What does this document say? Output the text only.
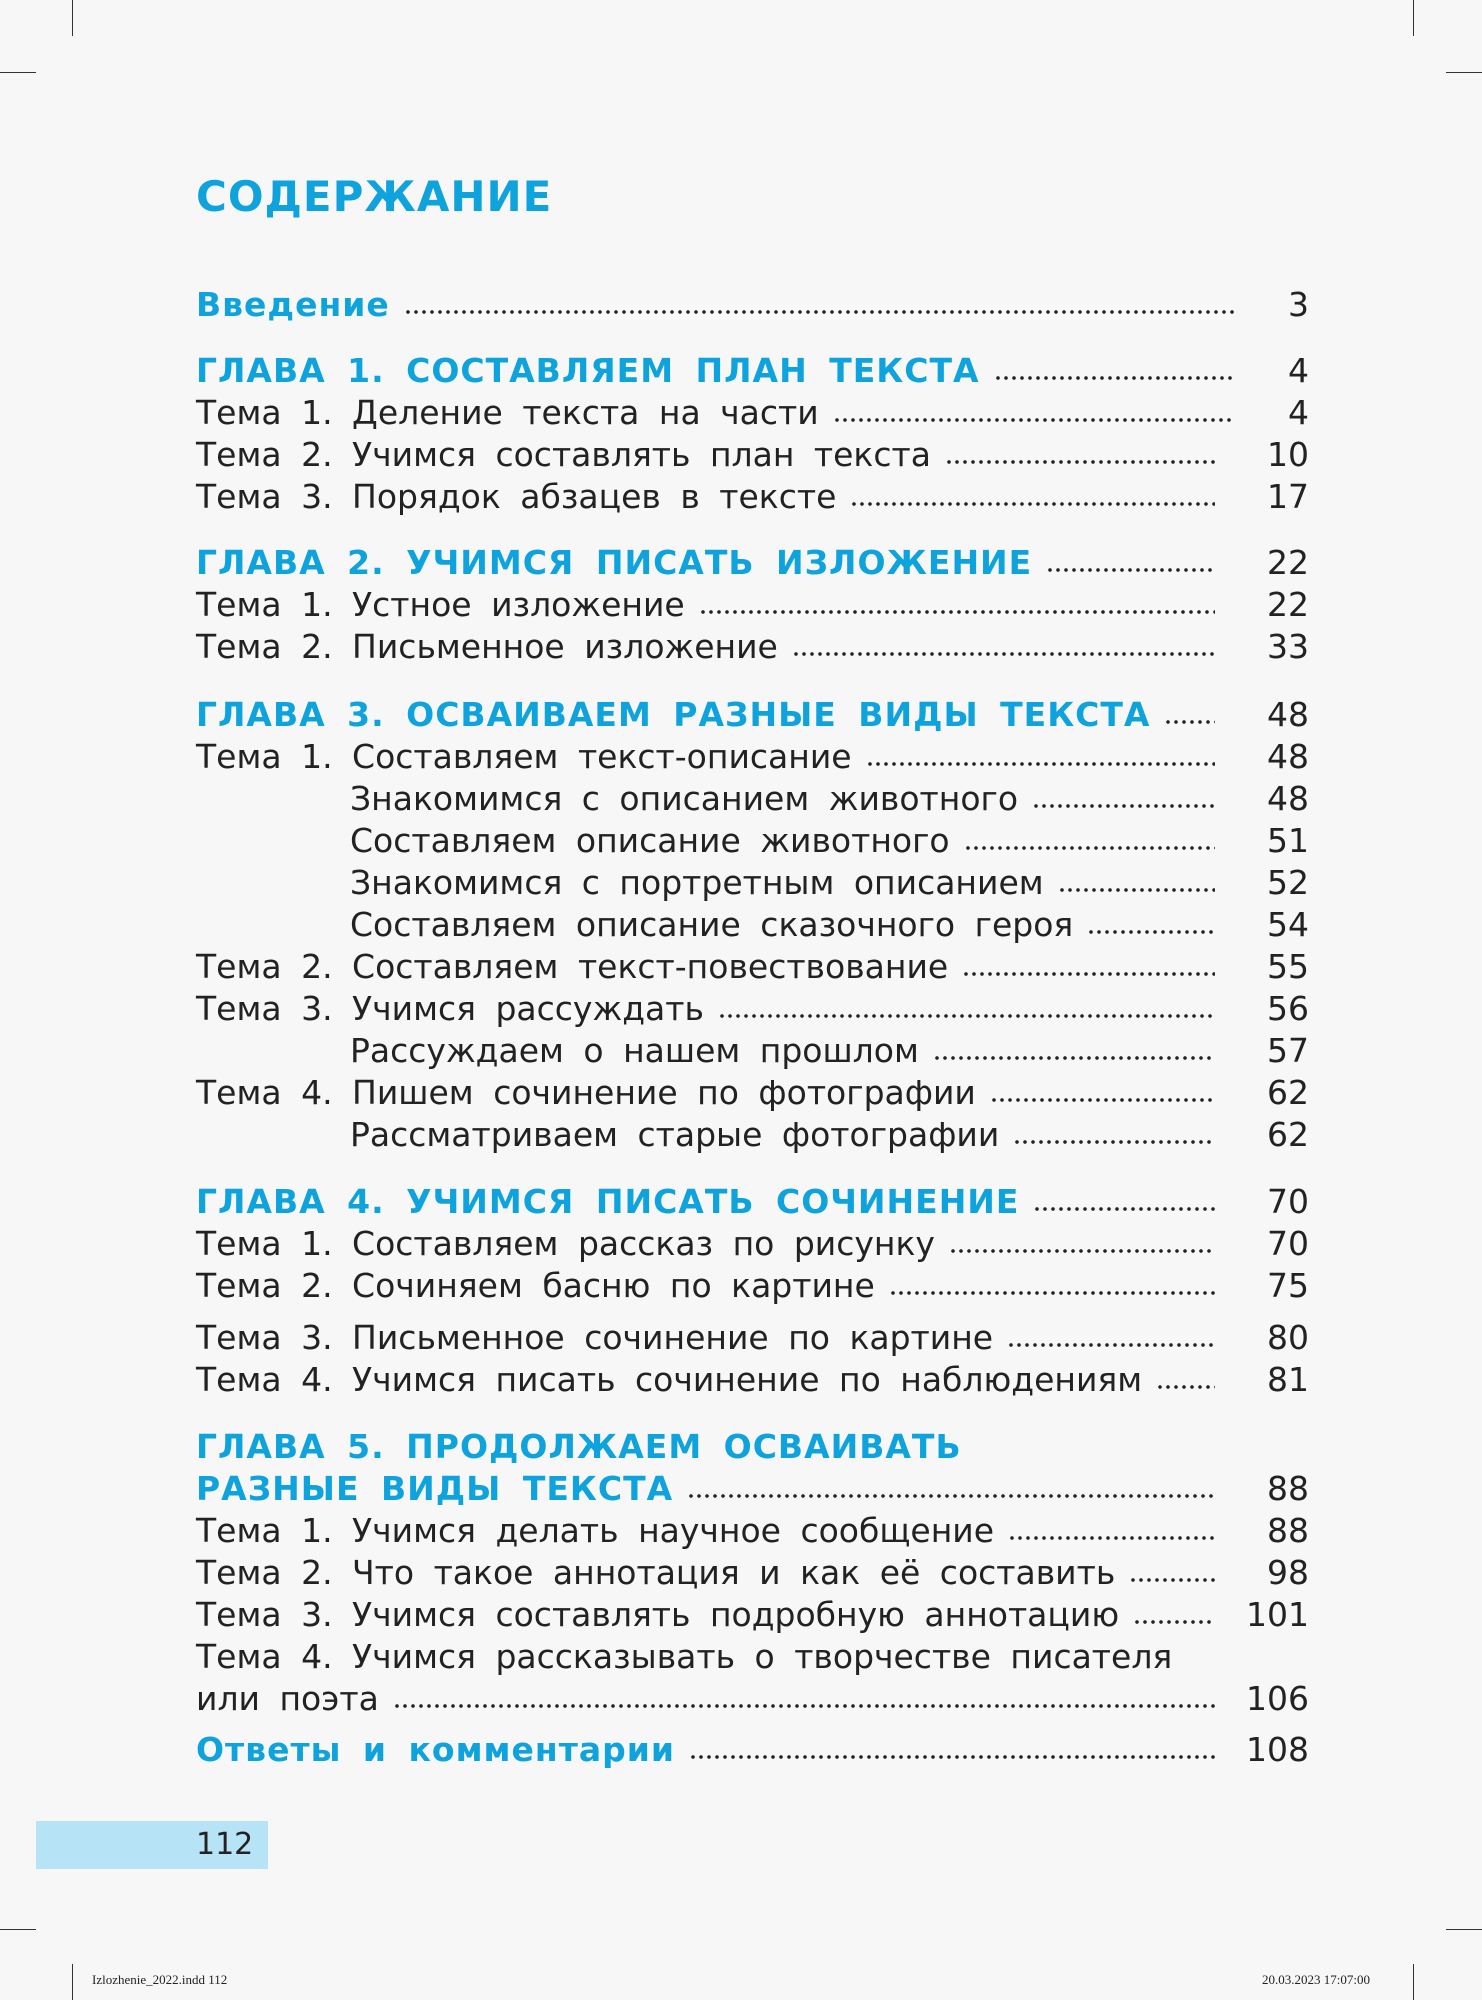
СОДЕРЖАНИЕ
Введение	3
ГЛАВА 1. СОСТАВЛЯЕМ ПЛАН ТЕКСТА	4
Тема 1. Деление текста на части	4
Тема 2. Учимся составлять план текста	10
Тема 3. Порядок абзацев в тексте	17
ГЛАВА 2. УЧИМСЯ ПИСАТЬ ИЗЛОЖЕНИЕ	22
Тема 1. Устное изложение	22
Тема 2. Письменное изложение	33
ГЛАВА 3. ОСВАИВАЕМ РАЗНЫЕ ВИДЫ ТЕКСТА	48
Тема 1. Составляем текст-описание	48
Знакомимся с описанием животного	48
Составляем описание животного	51
Знакомимся с портретным описанием	52
Составляем описание сказочного героя	54
Тема 2. Составляем текст-повествование	55
Тема 3. Учимся рассуждать	56
Рассуждаем о нашем прошлом	57
Тема 4. Пишем сочинение по фотографии	62
Рассматриваем старые фотографии	62
ГЛАВА 4. УЧИМСЯ ПИСАТЬ СОЧИНЕНИЕ	70
Тема 1. Составляем рассказ по рисунку	70
Тема 2. Сочиняем басню по картине	75
Тема 3. Письменное сочинение по картине	80
Тема 4. Учимся писать сочинение по наблюдениям	81
ГЛАВА 5. ПРОДОЛЖАЕМ ОСВАИВАТЬ
РАЗНЫЕ ВИДЫ ТЕКСТА	88
Тема 1. Учимся делать научное сообщение	88
Тема 2. Что такое аннотация и как её составить	98
Тема 3. Учимся составлять подробную аннотацию	101
Тема 4. Учимся рассказывать о творчестве писателя
или поэта	106
Ответы и комментарии	108
112
Izlozhenie_2022.indd 112	20.03.2023 17:07:00
